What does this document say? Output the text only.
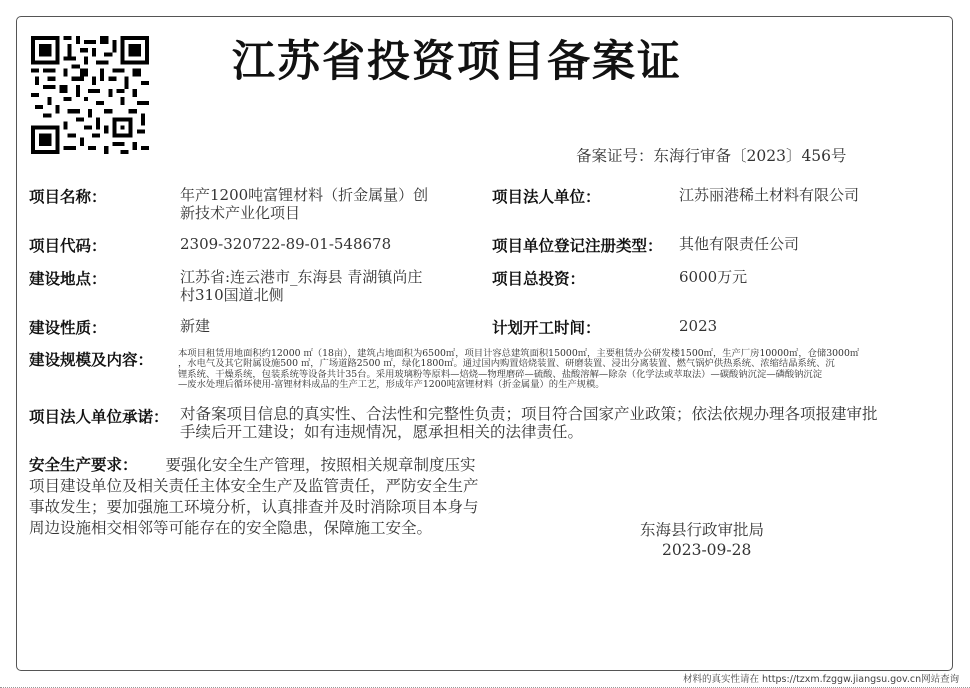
江苏省投资项目备案证
备案证号：东海行审备〔2023〕456号
项目名称：	年产1200吨富锂材料（折金属量）创
新技术产业化项目
项目代码：	2309-320722-89-01-548678
建设地点：	江苏省:连云港市_东海县 青湖镇尚庄
村310国道北侧
建设性质：	新建
项目法人单位：	江苏丽港稀土材料有限公司
项目单位登记注册类型： 其他有限责任公司
项目总投资：	6000万元
计划开工时间：	2023
建设规模及内容：	本项目租赁用地面积约12000 ㎡（18亩），建筑占地面积为6500㎡，项目计容总建筑面积15000㎡，主要租赁办公研发楼1500㎡，生产厂房10000㎡，仓储3000㎡
，水电气及其它附属设施500 ㎡，广场道路2500 ㎡，绿化1800㎡。通过国内购置焙烧装置、研磨装置、浸出分离装置、燃气锅炉供热系统、浓缩结晶系统、沉
锂系统、干燥系统，包装系统等设备共计35台。采用玻璃粉等原料—焙烧—物理磨碎—硫酸、盐酸溶解—除杂（化学法或萃取法）—碳酸钠沉淀—磷酸钠沉淀
—废水处理后循环使用-富锂材料成品的生产工艺，形成年产1200吨富锂材料（折金属量）的生产规模。
项目法人单位承诺： 对备案项目信息的真实性、合法性和完整性负责；项目符合国家产业政策；依法依规办理各项报建审批
手续后开工建设；如有违规情况，愿承担相关的法律责任。
安全生产要求： 要强化安全生产管理，按照相关规章制度压实项目建设单位及相关责任主体安全生产及监管责任，严防安全生产事故发生；要加强施工环境分析，认真排查并及时消除项目本身与周边设施相交相邻等可能存在的安全隐患，保障施工安全。	东海县行政审批局
2023-09-28
材料的真实性请在 https://tzxm.fzggw.jiangsu.gov.cn网站查询
